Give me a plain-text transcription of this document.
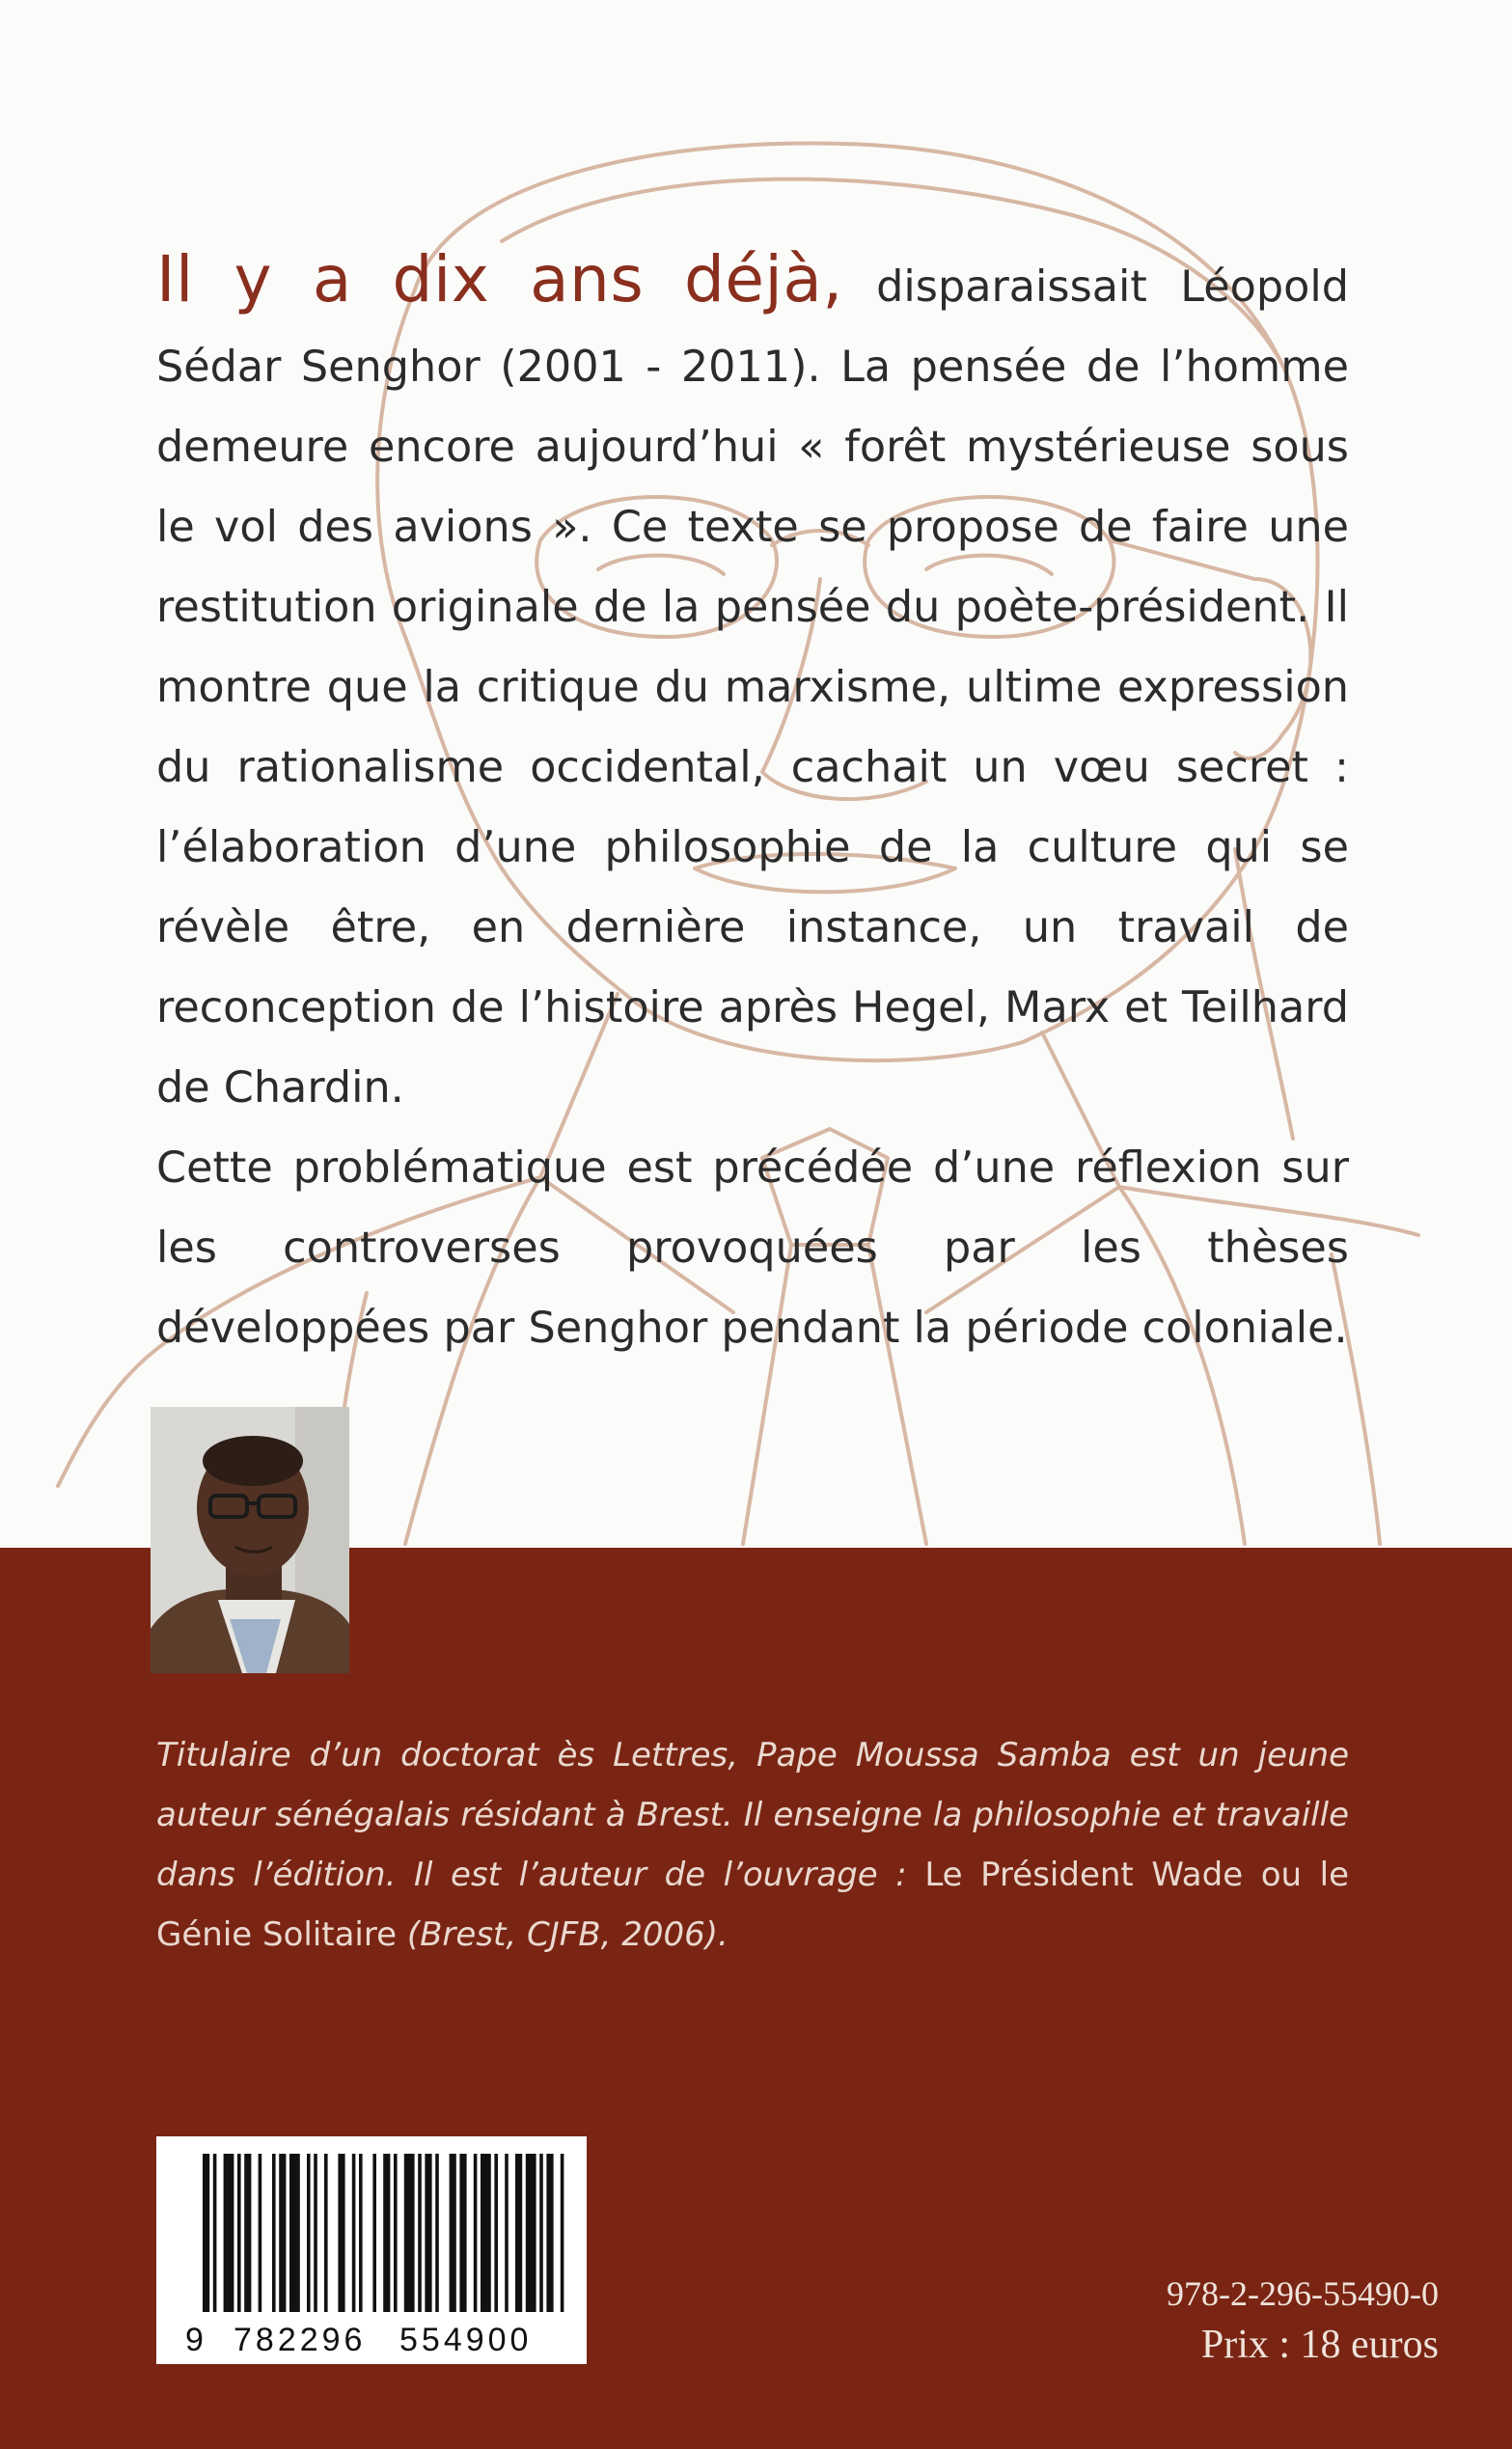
Il y a dix ans déjà, disparaissait Léopold Sédar Senghor (2001 - 2011). La pensée de l’homme demeure encore aujourd’hui « forêt mystérieuse sous le vol des avions ». Ce texte se propose de faire une restitution originale de la pensée du poète-président. Il montre que la critique du marxisme, ultime expression du rationalisme occidental, cachait un vœu secret : l’élaboration d’une philosophie de la culture qui se révèle être, en dernière instance, un travail de reconception de l’histoire après Hegel, Marx et Teilhard de Chardin.

Cette problématique est précédée d’une réflexion sur les controverses provoquées par les thèses développées par Senghor pendant la période coloniale.

Titulaire d’un doctorat ès Lettres, Pape Moussa Samba est un jeune auteur sénégalais résidant à Brest. Il enseigne la philosophie et travaille dans l’édition. Il est l’auteur de l’ouvrage : Le Président Wade ou le Génie Solitaire (Brest, CJFB, 2006).
9 782296 554900
978-2-296-55490-0
Prix : 18 euros
